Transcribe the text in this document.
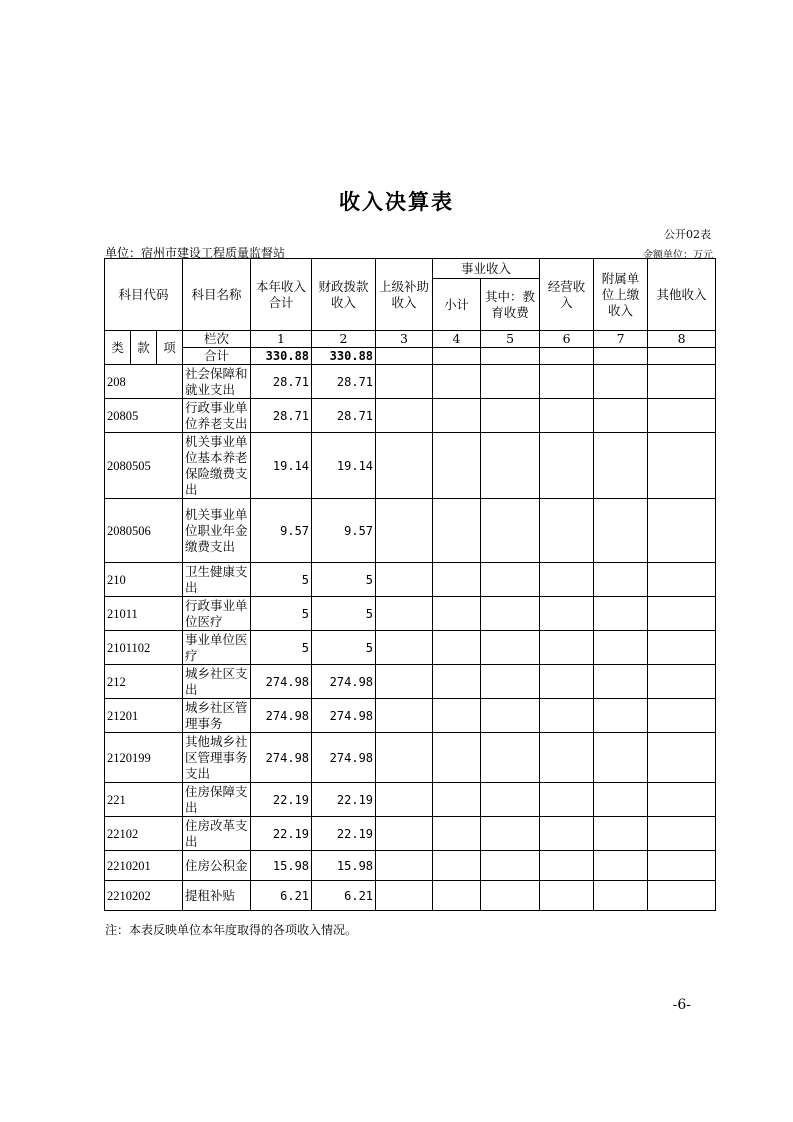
收入决算表
公开02表
单位：宿州市建设工程质量监督站	金额单位：万元
科目代码			科目名称	本年收入合计	财政拨款收入	上级补助收入	事业收入		经营收入	附属单位上缴收入	其他收入
							小计	其中：教育收费			
类	款	项	栏次	1	2	3	4	5	6	7	8
			合计	330.88	330.88						
208			社会保障和就业支出	28.71	28.71						
20805			行政事业单位养老支出	28.71	28.71						
2080505			机关事业单位基本养老保险缴费支出	19.14	19.14						
2080506			机关事业单位职业年金缴费支出	9.57	9.57						
210			卫生健康支出	5	5						
21011			行政事业单位医疗	5	5						
2101102			事业单位医疗	5	5						
212			城乡社区支出	274.98	274.98						
21201			城乡社区管理事务	274.98	274.98						
2120199			其他城乡社区管理事务支出	274.98	274.98						
221			住房保障支出	22.19	22.19						
22102			住房改革支出	22.19	22.19						
2210201			住房公积金	15.98	15.98						
2210202			提租补贴	6.21	6.21						
注：本表反映单位本年度取得的各项收入情况。
-6-
